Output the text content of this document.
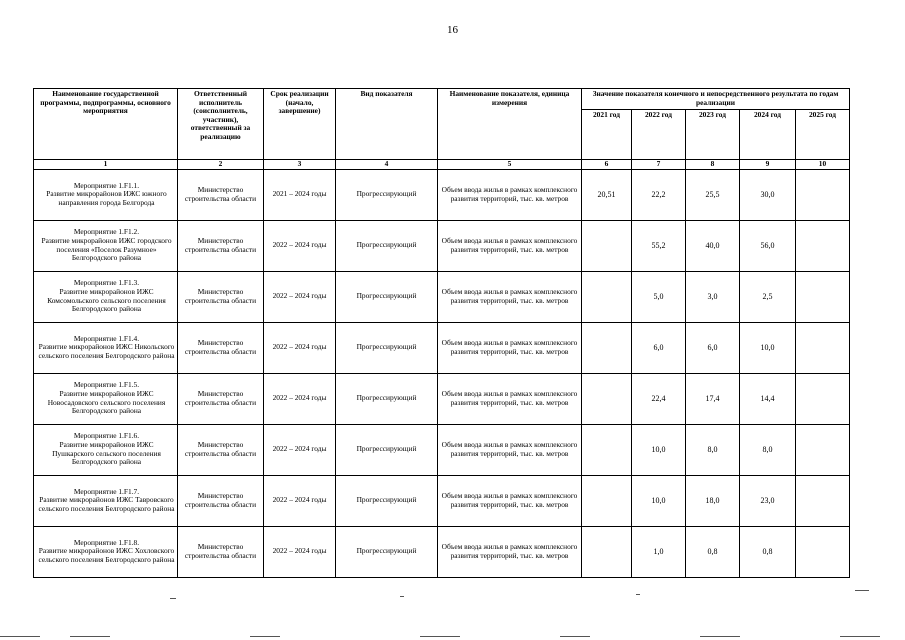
16
Наименование государственной программы, подпрограммы, основного мероприятия	Ответственный исполнитель (соисполнитель, участник), ответственный за реализацию	Срок реализации (начало, завершение)	Вид показателя	Наименование показателя, единица измерения	Значение показателя конечного и непосредственного результата по годам реализации				
					2021 год	2022 год	2023 год	2024 год	2025 год
1	2	3	4	5	6	7	8	9	10

Мероприятие 1.F1.1.
Развитие микрорайонов ИЖС южного направления города Белгорода	Министерство строительства области	2021 – 2024 годы	Прогрессирующий	Объем ввода жилья в рамках комплексного развития территорий, тыс. кв. метров	20,51	22,2	25,5	30,0	

Мероприятие 1.F1.2.
Развитие микрорайонов ИЖС городского поселения «Поселок Разумное» Белгородского района	Министерство строительства области	2022 – 2024 годы	Прогрессирующий	Объем ввода жилья в рамках комплексного развития территорий, тыс. кв. метров		55,2	40,0	56,0	

Мероприятие 1.F1.3.
Развитие микрорайонов ИЖС Комсомольского сельского поселения Белгородского района	Министерство строительства области	2022 – 2024 годы	Прогрессирующий	Объем ввода жилья в рамках комплексного развития территорий, тыс. кв. метров		5,0	3,0	2,5	

Мероприятие 1.F1.4.
Развитие микрорайонов ИЖС Никольского сельского поселения Белгородского района	Министерство строительства области	2022 – 2024 годы	Прогрессирующий	Объем ввода жилья в рамках комплексного развития территорий, тыс. кв. метров		6,0	6,0	10,0	

Мероприятие 1.F1.5.
Развитие микрорайонов ИЖС Новосадовского сельского поселения Белгородского района	Министерство строительства области	2022 – 2024 годы	Прогрессирующий	Объем ввода жилья в рамках комплексного развития территорий, тыс. кв. метров		22,4	17,4	14,4	

Мероприятие 1.F1.6.
Развитие микрорайонов ИЖС Пушкарского сельского поселения Белгородского района	Министерство строительства области	2022 – 2024 годы	Прогрессирующий	Объем ввода жилья в рамках комплексного развития территорий, тыс. кв. метров		10,0	8,0	8,0	

Мероприятие 1.F1.7.
Развитие микрорайонов ИЖС Тавровского сельского поселения Белгородского района	Министерство строительства области	2022 – 2024 годы	Прогрессирующий	Объем ввода жилья в рамках комплексного развития территорий, тыс. кв. метров		10,0	18,0	23,0	

Мероприятие 1.F1.8.
Развитие микрорайонов ИЖС Хохловского сельского поселения Белгородского района	Министерство строительства области	2022 – 2024 годы	Прогрессирующий	Объем ввода жилья в рамках комплексного развития территорий, тыс. кв. метров		1,0	0,8	0,8	
